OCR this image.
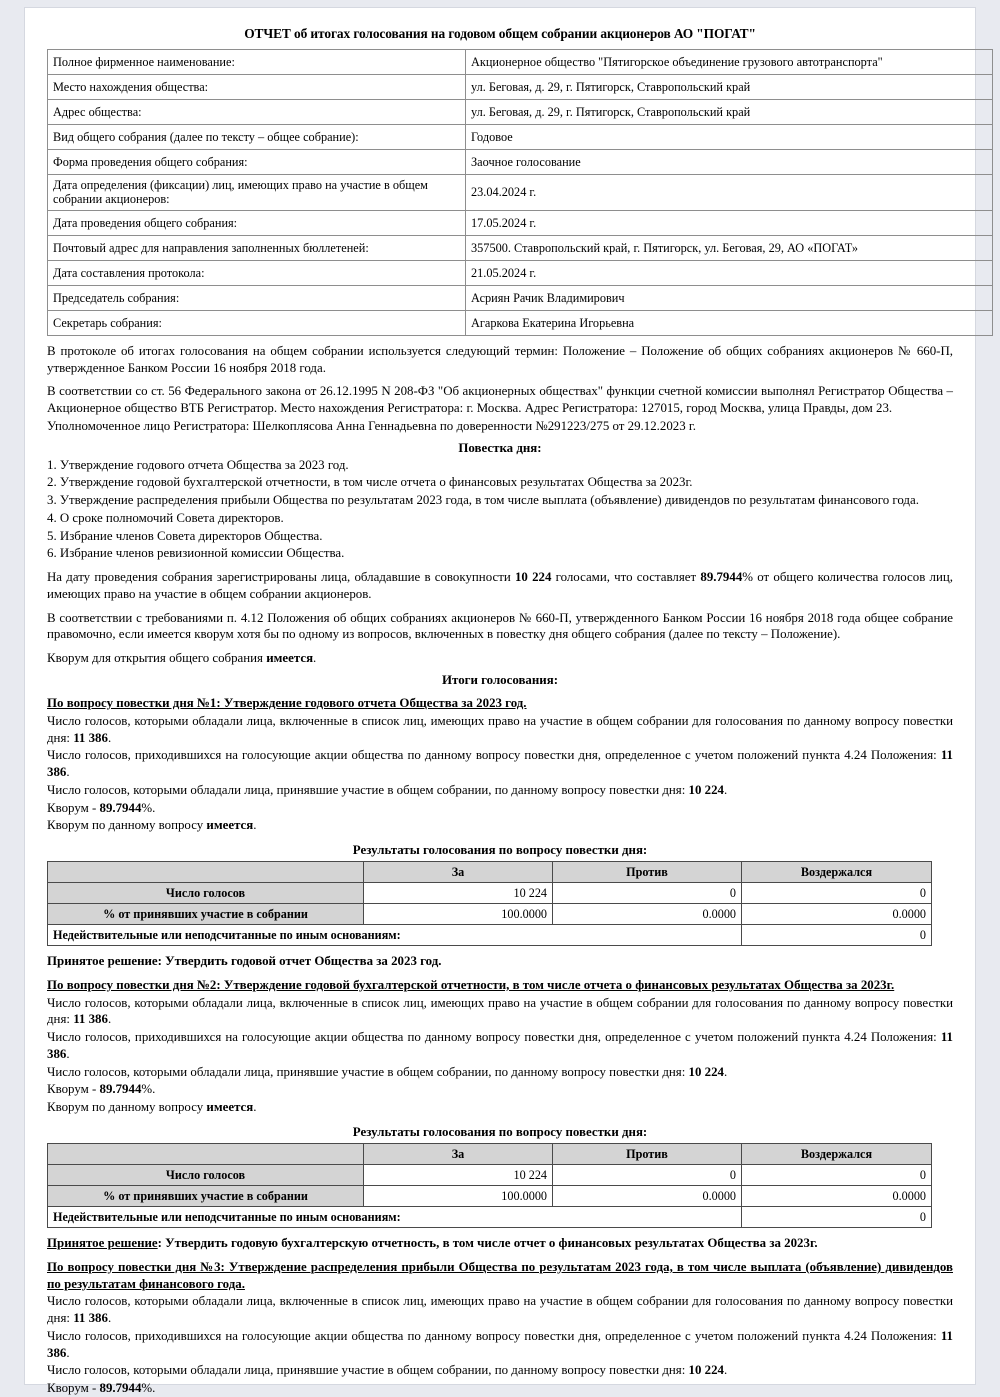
ОТЧЕТ об итогах голосования на годовом общем собрании акционеров АО "ПОГАТ"
Полное фирменное наименование:	Акционерное общество "Пятигорское объединение грузового автотранспорта"
Место нахождения общества:	ул. Беговая, д. 29, г. Пятигорск, Ставропольский край
Адрес общества:	ул. Беговая, д. 29, г. Пятигорск, Ставропольский край
Вид общего собрания (далее по тексту – общее собрание):	Годовое
Форма проведения общего собрания:	Заочное голосование
Дата определения (фиксации) лиц, имеющих право на участие в общем собрании акционеров:	23.04.2024 г.
Дата проведения общего собрания:	17.05.2024 г.
Почтовый адрес для направления заполненных бюллетеней:	357500. Ставропольский край, г. Пятигорск, ул. Беговая, 29, АО «ПОГАТ»
Дата составления протокола:	21.05.2024 г.
Председатель собрания:	Асриян Рачик Владимирович
Секретарь собрания:	Агаркова Екатерина Игорьевна

В протоколе об итогах голосования на общем собрании используется следующий термин: Положение – Положение об общих собраниях акционеров № 660-П, утвержденное Банком России 16 ноября 2018 года.

В соответствии со ст. 56 Федерального закона от 26.12.1995 N 208-ФЗ "Об акционерных обществах" функции счетной комиссии выполнял Регистратор Общества – Акционерное общество ВТБ Регистратор. Место нахождения Регистратора: г. Москва. Адрес Регистратора: 127015, город Москва, улица Правды, дом 23.

Уполномоченное лицо Регистратора: Шелкоплясова Анна Геннадьевна по доверенности №291223/275 от 29.12.2023 г.

Повестка дня:

1. Утверждение годового отчета Общества за 2023 год.

2. Утверждение годовой бухгалтерской отчетности, в том числе отчета о финансовых результатах Общества за 2023г.

3. Утверждение распределения прибыли Общества по результатам 2023 года, в том числе выплата (объявление) дивидендов по результатам финансового года.

4. О сроке полномочий Совета директоров.

5. Избрание членов Совета директоров Общества.

6. Избрание членов ревизионной комиссии Общества.

На дату проведения собрания зарегистрированы лица, обладавшие в совокупности 10 224 голосами, что составляет 89.7944% от общего количества голосов лиц, имеющих право на участие в общем собрании акционеров.

В соответствии с требованиями п. 4.12 Положения об общих собраниях акционеров № 660-П, утвержденного Банком России 16 ноября 2018 года общее собрание правомочно, если имеется кворум хотя бы по одному из вопросов, включенных в повестку дня общего собрания (далее по тексту – Положение).

Кворум для открытия общего собрания имеется.

Итоги голосования:
По вопросу повестки дня №1: Утверждение годового отчета Общества за 2023 год.

Число голосов, которыми обладали лица, включенные в список лиц, имеющих право на участие в общем собрании для голосования по данному вопросу повестки дня: 11 386.

Число голосов, приходившихся на голосующие акции общества по данному вопросу повестки дня, определенное с учетом положений пункта 4.24 Положения: 11 386.

Число голосов, которыми обладали лица, принявшие участие в общем собрании, по данному вопросу повестки дня: 10 224.

Кворум - 89.7944%.

Кворум по данному вопросу имеется.

Результаты голосования по вопросу повестки дня:
	За	Против	Воздержался
Число голосов	10 224	0	0
% от принявших участие в собрании	100.0000	0.0000	0.0000
Недействительные или неподсчитанные по иным основаниям:			0

Принятое решение: Утвердить годовой отчет Общества за 2023 год.

По вопросу повестки дня №2: Утверждение годовой бухгалтерской отчетности, в том числе отчета о финансовых результатах Общества за 2023г.

Число голосов, которыми обладали лица, включенные в список лиц, имеющих право на участие в общем собрании для голосования по данному вопросу повестки дня: 11 386.

Число голосов, приходившихся на голосующие акции общества по данному вопросу повестки дня, определенное с учетом положений пункта 4.24 Положения: 11 386.

Число голосов, которыми обладали лица, принявшие участие в общем собрании, по данному вопросу повестки дня: 10 224.

Кворум - 89.7944%.

Кворум по данному вопросу имеется.

Результаты голосования по вопросу повестки дня:
	За	Против	Воздержался
Число голосов	10 224	0	0
% от принявших участие в собрании	100.0000	0.0000	0.0000
Недействительные или неподсчитанные по иным основаниям:			0

Принятое решение: Утвердить годовую бухгалтерскую отчетность, в том числе отчет о финансовых результатах Общества за 2023г.

По вопросу повестки дня №3: Утверждение распределения прибыли Общества по результатам 2023 года, в том числе выплата (объявление) дивидендов по результатам финансового года.

Число голосов, которыми обладали лица, включенные в список лиц, имеющих право на участие в общем собрании для голосования по данному вопросу повестки дня: 11 386.

Число голосов, приходившихся на голосующие акции общества по данному вопросу повестки дня, определенное с учетом положений пункта 4.24 Положения: 11 386.

Число голосов, которыми обладали лица, принявшие участие в общем собрании, по данному вопросу повестки дня: 10 224.

Кворум - 89.7944%.
